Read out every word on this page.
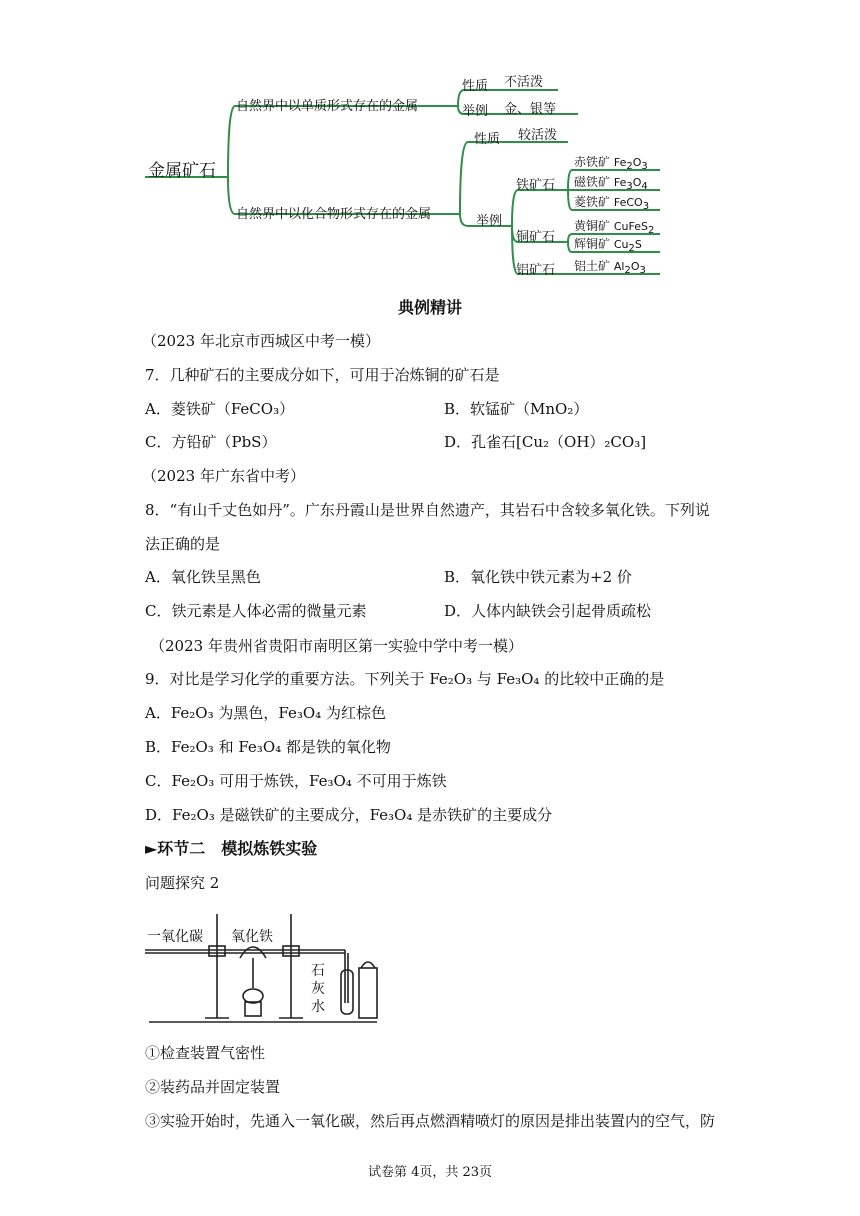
金属矿石
自然界中以单质形式存在的金属
性质 不活泼
举例 金、银等
自然界中以化合物形式存在的金属
性质 较活泼
举例
铁矿石
铜矿石
铝矿石
赤铁矿 $Fe_2O_3$
磁铁矿 $Fe_3O_4$
菱铁矿 FeCO$_3$
黄铜矿 CuFeS$_2$
辉铜矿 $Cu_2S$
铝土矿 $Al_2O_3$
典例精讲
（2023 年北京市西城区中考一模）
7．几种矿石的主要成分如下，可用于冶炼铜的矿石是
A．菱铁矿（FeCO₃）	B．软锰矿（MnO₂）
C．方铅矿（PbS）	D．孔雀石[Cu₂（OH）₂CO₃]
（2023 年广东省中考）
8．“有山千丈色如丹”。广东丹霞山是世界自然遗产，其岩石中含较多氧化铁。下列说
法正确的是
A．氧化铁呈黑色	B．氧化铁中铁元素为+2 价
C．铁元素是人体必需的微量元素	D．人体内缺铁会引起骨质疏松
（2023 年贵州省贵阳市南明区第一实验中学中考一模）
9．对比是学习化学的重要方法。下列关于 Fe₂O₃ 与 Fe₃O₄ 的比较中正确的是
A．Fe₂O₃ 为黑色，Fe₃O₄ 为红棕色
B．Fe₂O₃ 和 Fe₃O₄ 都是铁的氧化物
C．Fe₂O₃ 可用于炼铁，Fe₃O₄ 不可用于炼铁
D．Fe₂O₃ 是磁铁矿的主要成分，Fe₃O₄ 是赤铁矿的主要成分
►环节二　模拟炼铁实验
问题探究 2
一氧化碳 氧化铁
石
灰
水
①检查装置气密性
②装药品并固定装置
③实验开始时，先通入一氧化碳，然后再点燃酒精喷灯的原因是排出装置内的空气，防
试卷第 4页，共 23页
